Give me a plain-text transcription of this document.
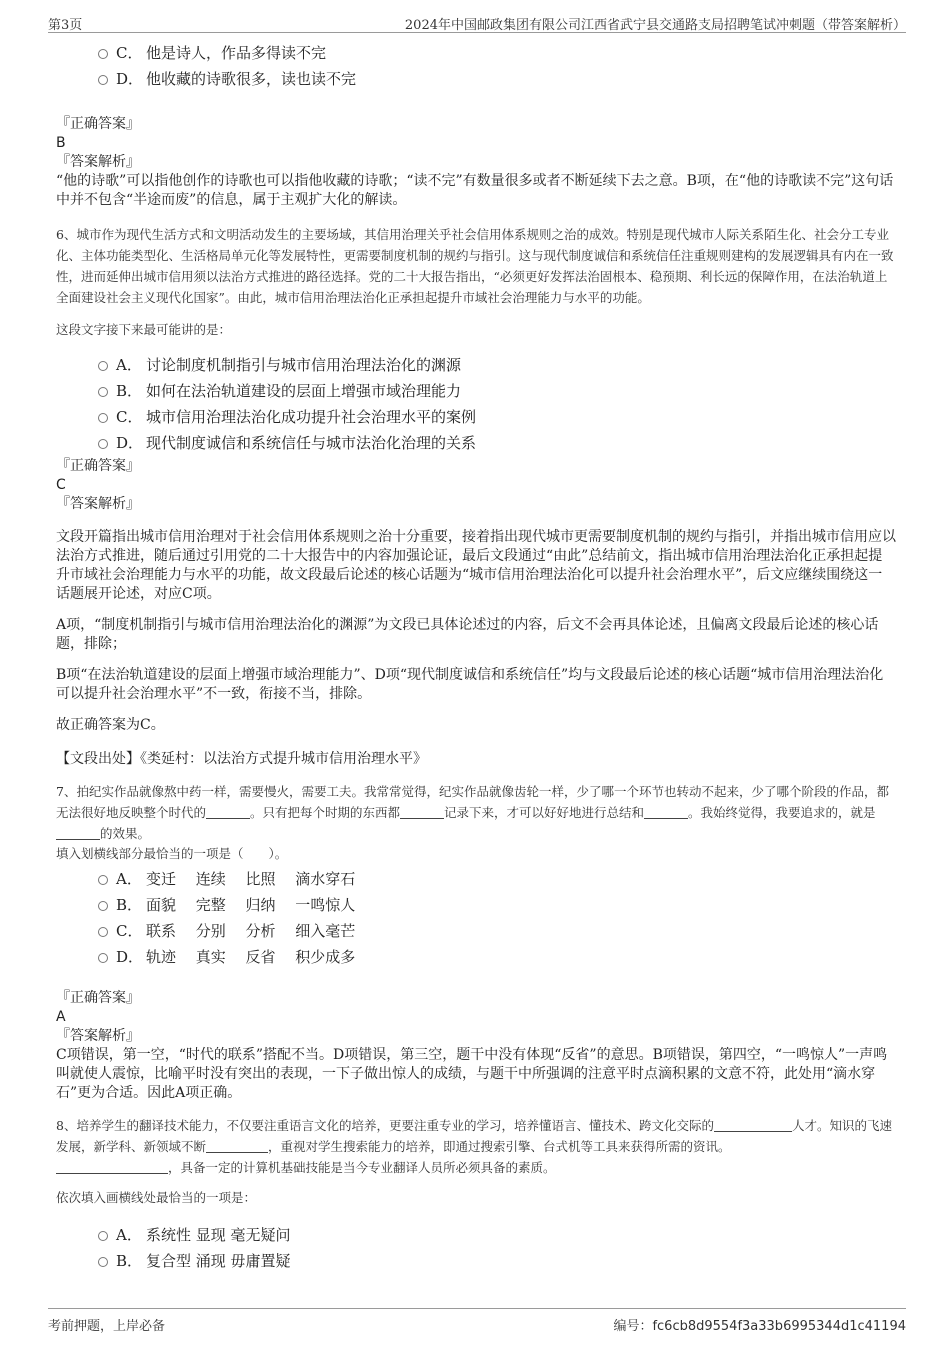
第3页	2024年中国邮政集团有限公司江西省武宁县交通路支局招聘笔试冲刺题（带答案解析）
C． 他是诗人，作品多得读不完
D． 他收藏的诗歌很多，读也读不完
『正确答案』
B
『答案解析』
“他的诗歌”可以指他创作的诗歌也可以指他收藏的诗歌；“读不完”有数量很多或者不断延续下去之意。B项，在“他的诗歌读不完”这句话中并不包含“半途而废”的信息，属于主观扩大化的解读。
6、城市作为现代生活方式和文明活动发生的主要场域，其信用治理关乎社会信用体系规则之治的成效。特别是现代城市人际关系陌生化、社会分工专业化、主体功能类型化、生活格局单元化等发展特性，更需要制度机制的规约与指引。这与现代制度诚信和系统信任注重规则建构的发展逻辑具有内在一致性，进而延伸出城市信用须以法治方式推进的路径选择。党的二十大报告指出，“必须更好发挥法治固根本、稳预期、利长远的保障作用，在法治轨道上全面建设社会主义现代化国家”。由此，城市信用治理法治化正承担起提升市域社会治理能力与水平的功能。
这段文字接下来最可能讲的是：
A． 讨论制度机制指引与城市信用治理法治化的渊源
B． 如何在法治轨道建设的层面上增强市域治理能力
C． 城市信用治理法治化成功提升社会治理水平的案例
D． 现代制度诚信和系统信任与城市法治化治理的关系
『正确答案』
C
『答案解析』
文段开篇指出城市信用治理对于社会信用体系规则之治十分重要，接着指出现代城市更需要制度机制的规约与指引，并指出城市信用应以法治方式推进，随后通过引用党的二十大报告中的内容加强论证，最后文段通过“由此”总结前文，指出城市信用治理法治化正承担起提升市域社会治理能力与水平的功能，故文段最后论述的核心话题为“城市信用治理法治化可以提升社会治理水平”，后文应继续围绕这一话题展开论述，对应C项。
A项，“制度机制指引与城市信用治理法治化的渊源”为文段已具体论述过的内容，后文不会再具体论述，且偏离文段最后论述的核心话题，排除；
B项“在法治轨道建设的层面上增强市域治理能力”、D项“现代制度诚信和系统信任”均与文段最后论述的核心话题“城市信用治理法治化可以提升社会治理水平”不一致，衔接不当，排除。
故正确答案为C。
【文段出处】《类延村：以法治方式提升城市信用治理水平》
7、拍纪实作品就像熬中药一样，需要慢火，需要工夫。我常常觉得，纪实作品就像齿轮一样，少了哪一个环节也转动不起来，少了哪个阶段的作品，都无法很好地反映整个时代的	。只有把每个时期的东西都	记录下来，才可以好好地进行总结和	。我始终觉得，我要追求的，就是的效果。
填入划横线部分最恰当的一项是（　　）。
A． 变迁　 连续　 比照　 滴水穿石
B． 面貌　 完整　 归纳　 一鸣惊人
C． 联系　 分别　 分析　 细入毫芒
D． 轨迹　 真实　 反省　 积少成多
『正确答案』
A
『答案解析』
C项错误，第一空，“时代的联系”搭配不当。D项错误，第三空，题干中没有体现“反省”的意思。B项错误，第四空，“一鸣惊人”一声鸣叫就使人震惊，比喻平时没有突出的表现，一下子做出惊人的成绩，与题干中所强调的注意平时点滴积累的文意不符，此处用“滴水穿石”更为合适。因此A项正确。
8、培养学生的翻译技术能力，不仅要注重语言文化的培养，更要注重专业的学习，培养懂语言、懂技术、跨文化交际的	人才。知识的飞速发展，新学科、新领域不断	，重视对学生搜索能力的培养，即通过搜索引擎、台式机等工具来获得所需的资讯。
，具备一定的计算机基础技能是当今专业翻译人员所必须具备的素质。
依次填入画横线处最恰当的一项是：
A． 系统性 显现 毫无疑问
B． 复合型 涌现 毋庸置疑
考前押题，上岸必备	编号：fc6cb8d9554f3a33b6995344d1c41194
